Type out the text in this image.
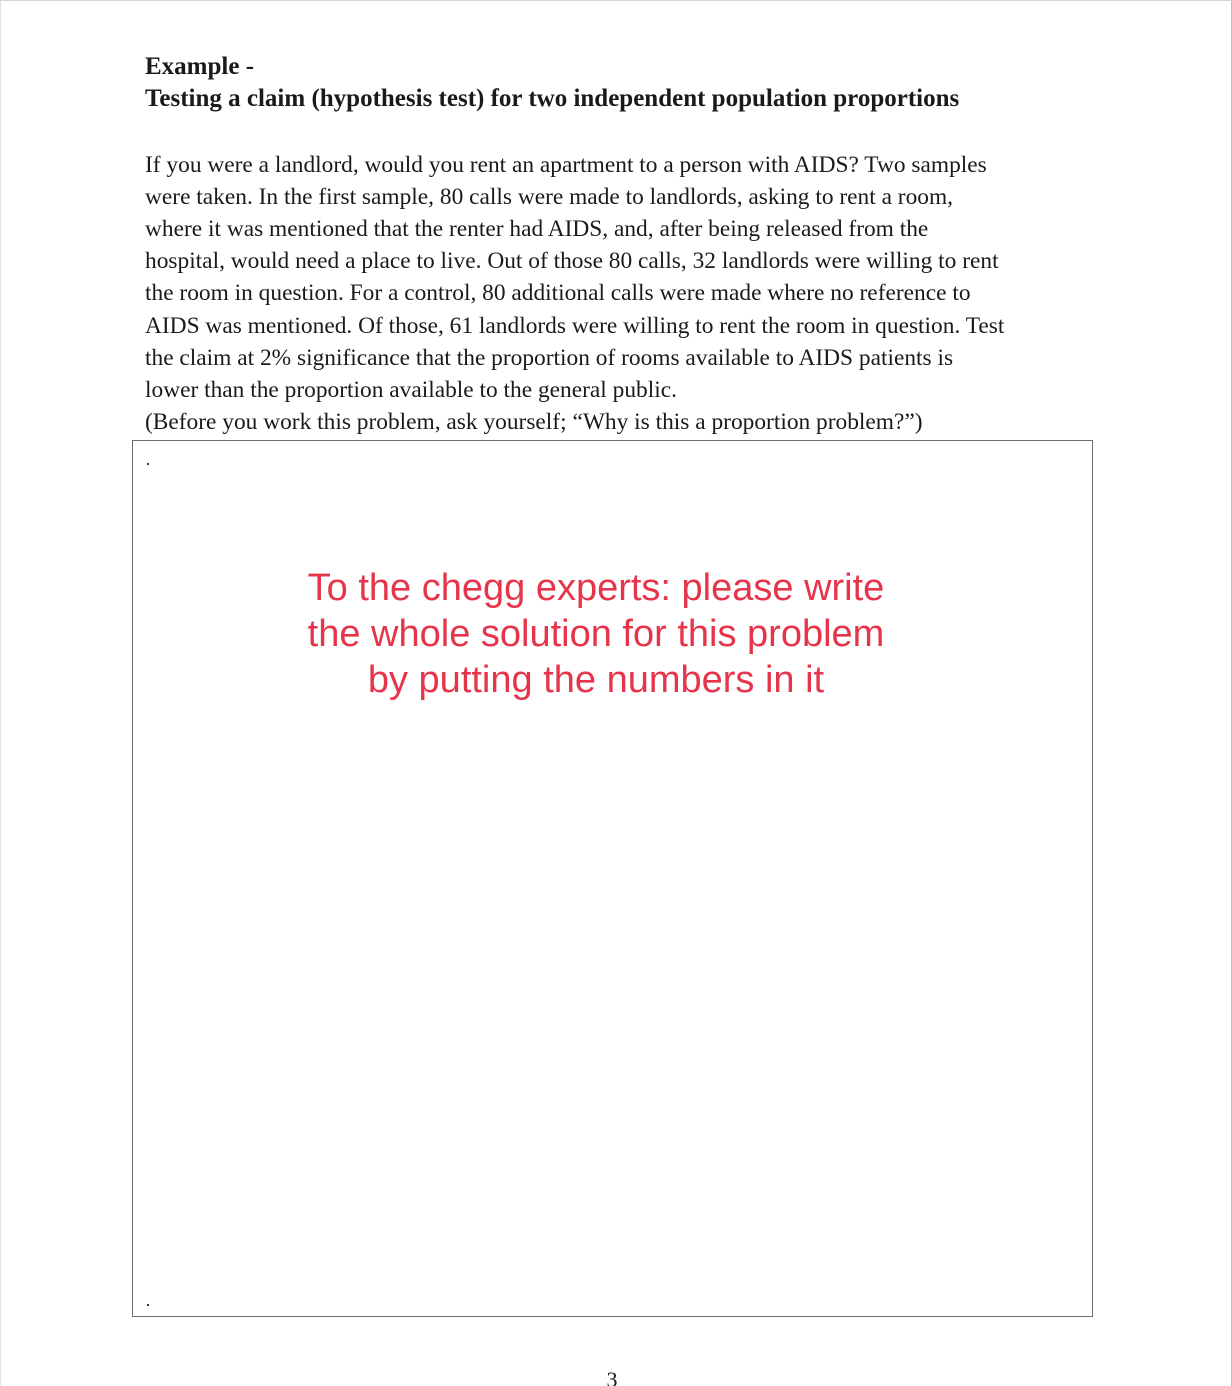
Example -
Testing a claim (hypothesis test) for two independent population proportions
If you were a landlord, would you rent an apartment to a person with AIDS? Two samples
were taken. In the first sample, 80 calls were made to landlords, asking to rent a room,
where it was mentioned that the renter had AIDS, and, after being released from the
hospital, would need a place to live. Out of those 80 calls, 32 landlords were willing to rent
the room in question. For a control, 80 additional calls were made where no reference to
AIDS was mentioned. Of those, 61 landlords were willing to rent the room in question. Test
the claim at 2% significance that the proportion of rooms available to AIDS patients is
lower than the proportion available to the general public.
(Before you work this problem, ask yourself; “Why is this a proportion problem?”)
To the chegg experts: please write
the whole solution for this problem
by putting the numbers in it
3
